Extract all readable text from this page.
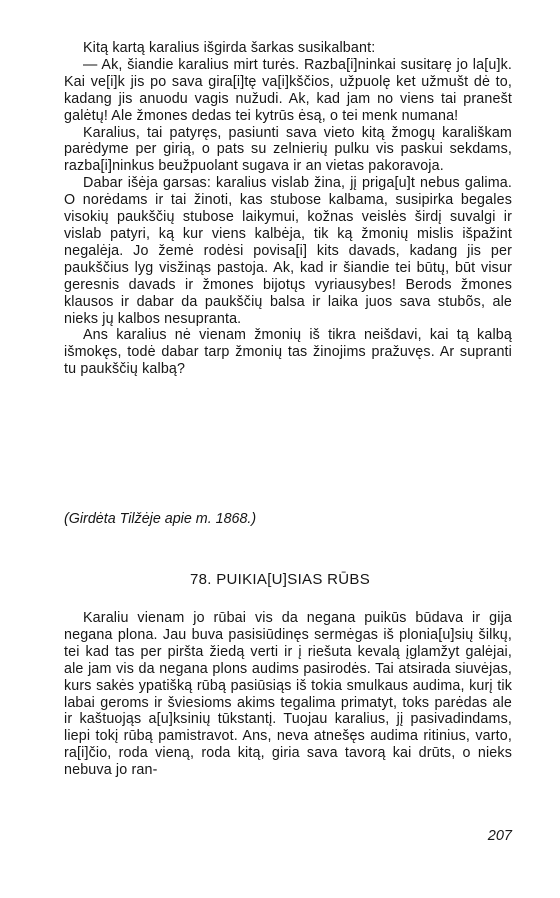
Kitą kartą karalius išgirda šarkas susikalbant:

— Ak, šiandie karalius mirt turės. Razba[i]ninkai susitarę jo la[u]k. Kai ve[i]k jis po sava gira[i]tę va[i]kščios, užpuolę ket užmušt dė to, kadang jis anuodu vagis nužudi. Ak, kad jam no viens tai pranešt galėtų! Ale žmones dedas tei kytrūs ėsą, o tei menk numana!

Karalius, tai patyręs, pasiunti sava vieto kitą žmogų karališkam parėdyme per girią, o pats su zelnierių pulku vis paskui sekdams, razba[i]ninkus beužpuolant sugava ir an vietas pakoravoja.

Dabar išėja garsas: karalius vislab žina, jį priga[u]t nebus galima. O norėdams ir tai žinoti, kas stubose kalbama, susipirka begales visokių paukščių stubose laikymui, kožnas veislės širdį suvalgi ir vislab patyri, ką kur viens kalbėja, tik ką žmonių mislis išpažint negalėja. Jo žemė rodėsi povisa[i] kits davads, kadang jis per paukščius lyg visžinąs pastoja. Ak, kad ir šiandie tei būtų, būt visur geresnis davads ir žmones bijotųs vyriausybes! Berods žmones klausos ir dabar da paukščių balsa ir laika juos sava stubõs, ale nieks jų kalbos nesupranta.

Ans karalius nė vienam žmonių iš tikra neišdavi, kai tą kalbą išmokęs, todė dabar tarp žmonių tas žinojims pražuvęs. Ar supranti tu paukščių kalbą?

(Girdėta Tilžėje apie m. 1868.)

78. PUIKIA[U]SIAS RŪBS

Karaliu vienam jo rūbai vis da negana puikūs būdava ir gija negana plona. Jau buva pasisiūdinęs sermėgas iš plonia[u]sių šilkų, tei kad tas per piršta žiedą verti ir į riešuta kevalą įglamžyt galėjai, ale jam vis da negana plons audims pasirodės. Tai atsirada siuvėjas, kurs sakės ypatišką rūbą pasiūsiąs iš tokia smulkaus audima, kurį tik labai geroms ir šviesioms akims tegalima primatyt, toks parėdas ale ir kaštuojąs a[u]ksinių tūkstantį. Tuojau karalius, jį pasivadindams, liepi tokį rūbą pamistravot. Ans, neva atnešęs audima ritinius, varto, ra[i]čio, roda vieną, roda kitą, giria sava tavorą kai drūts, o nieks nebuva jo ran-

207
